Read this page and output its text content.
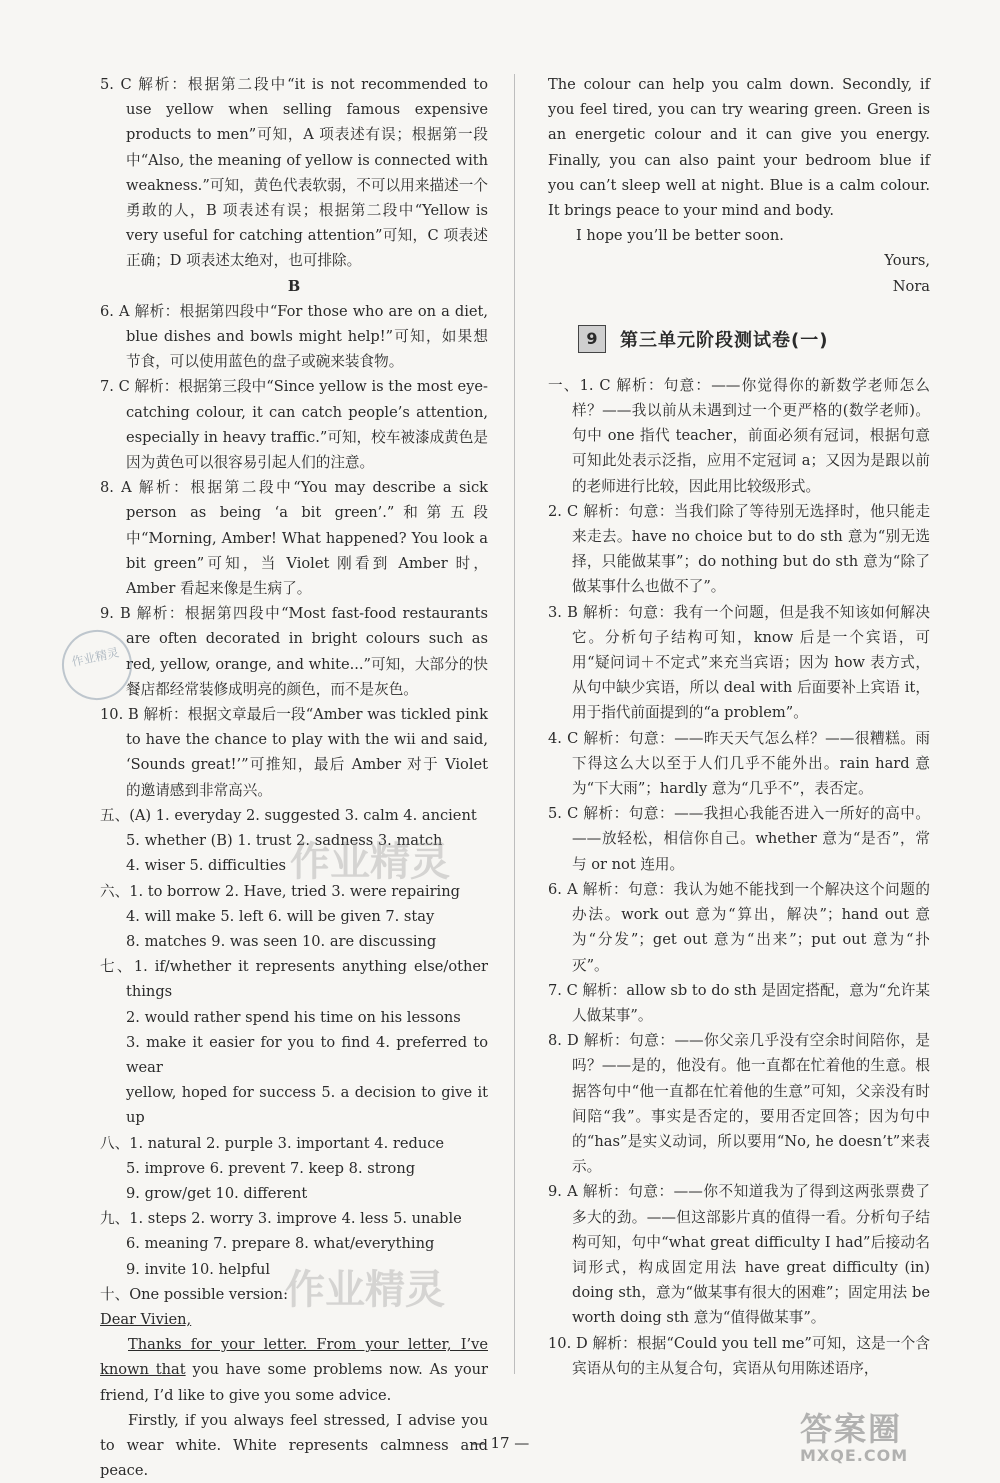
5. C 解析：根据第二段中“it is not recommended to use yellow when selling famous expensive products to men”可知，A 项表述有误；根据第一段中“Also, the meaning of yellow is connected with weakness.”可知，黄色代表软弱，不可以用来描述一个勇敢的人，B 项表述有误；根据第二段中“Yellow is very useful for catching attention”可知，C 项表述正确；D 项表述太绝对，也可排除。

B

6. A 解析：根据第四段中“For those who are on a diet, blue dishes and bowls might help!”可知，如果想节食，可以使用蓝色的盘子或碗来装食物。

7. C 解析：根据第三段中“Since yellow is the most eye-catching colour, it can catch people’s attention, especially in heavy traffic.”可知，校车被漆成黄色是因为黄色可以很容易引起人们的注意。

8. A 解析：根据第二段中“You may describe a sick person as being ‘a bit green’.”和第五段中“Morning, Amber! What happened? You look a bit green”可知，当 Violet 刚看到 Amber 时，Amber 看起来像是生病了。

9. B 解析：根据第四段中“Most fast-food restaurants are often decorated in bright colours such as red, yellow, orange, and white...”可知，大部分的快餐店都经常装修成明亮的颜色，而不是灰色。

10. B 解析：根据文章最后一段“Amber was tickled pink to have the chance to play with the wii and said, ‘Sounds great!’”可推知，最后 Amber 对于 Violet 的邀请感到非常高兴。

五、(A) 1. everyday 2. suggested 3. calm 4. ancient

5. whether (B) 1. trust 2. sadness 3. match

4. wiser 5. difficulties

六、1. to borrow 2. Have, tried 3. were repairing

4. will make 5. left 6. will be given 7. stay

8. matches 9. was seen 10. are discussing

七、1. if/whether it represents anything else/other things

2. would rather spend his time on his lessons

3. make it easier for you to find 4. preferred to wear

yellow, hoped for success 5. a decision to give it up

八、1. natural 2. purple 3. important 4. reduce

5. improve 6. prevent 7. keep 8. strong

9. grow/get 10. different

九、1. steps 2. worry 3. improve 4. less 5. unable

6. meaning 7. prepare 8. what/everything

9. invite 10. helpful

十、One possible version:

Dear Vivien,

Thanks for your letter. From your letter, I’ve known that you have some problems now. As your friend, I’d like to give you some advice.

Firstly, if you always feel stressed, I advise you to wear white. White represents calmness and peace.

The colour can help you calm down. Secondly, if you feel tired, you can try wearing green. Green is an energetic colour and it can give you energy. Finally, you can also paint your bedroom blue if you can’t sleep well at night. Blue is a calm colour. It brings peace to your mind and body.

I hope you’ll be better soon.

Yours,

Nora

9	第三单元阶段测试卷(一)

一、1. C 解析：句意：——你觉得你的新数学老师怎么样？——我以前从未遇到过一个更严格的(数学老师)。句中 one 指代 teacher，前面必须有冠词，根据句意可知此处表示泛指，应用不定冠词 a；又因为是跟以前的老师进行比较，因此用比较级形式。

2. C 解析：句意：当我们除了等待别无选择时，他只能走来走去。have no choice but to do sth 意为“别无选择，只能做某事”；do nothing but do sth 意为“除了做某事什么也做不了”。

3. B 解析：句意：我有一个问题，但是我不知该如何解决它。分析句子结构可知，know 后是一个宾语，可用“疑问词＋不定式”来充当宾语；因为 how 表方式，从句中缺少宾语，所以 deal with 后面要补上宾语 it，用于指代前面提到的“a problem”。

4. C 解析：句意：——昨天天气怎么样？——很糟糕。雨下得这么大以至于人们几乎不能外出。rain hard 意为“下大雨”；hardly 意为“几乎不”，表否定。

5. C 解析：句意：——我担心我能否进入一所好的高中。——放轻松，相信你自己。whether 意为“是否”，常与 or not 连用。

6. A 解析：句意：我认为她不能找到一个解决这个问题的办法。work out 意为“算出，解决”；hand out 意为“分发”；get out 意为“出来”；put out 意为“扑灭”。

7. C 解析：allow sb to do sth 是固定搭配，意为“允许某人做某事”。

8. D 解析：句意：——你父亲几乎没有空余时间陪你，是吗？——是的，他没有。他一直都在忙着他的生意。根据答句中“他一直都在忙着他的生意”可知，父亲没有时间陪“我”。事实是否定的，要用否定回答；因为句中的“has”是实义动词，所以要用“No, he doesn’t”来表示。

9. A 解析：句意：——你不知道我为了得到这两张票费了多大的劲。——但这部影片真的值得一看。分析句子结构可知，句中“what great difficulty I had”后接动名词形式，构成固定用法 have great difficulty (in) doing sth，意为“做某事有很大的困难”；固定用法 be worth doing sth 意为“值得做某事”。

10. D 解析：根据“Could you tell me”可知，这是一个含宾语从句的主从复合句，宾语从句用陈述语序，

作业精灵
作业精灵
作业精灵
— 17 —	答案圈
MXQE.COM
